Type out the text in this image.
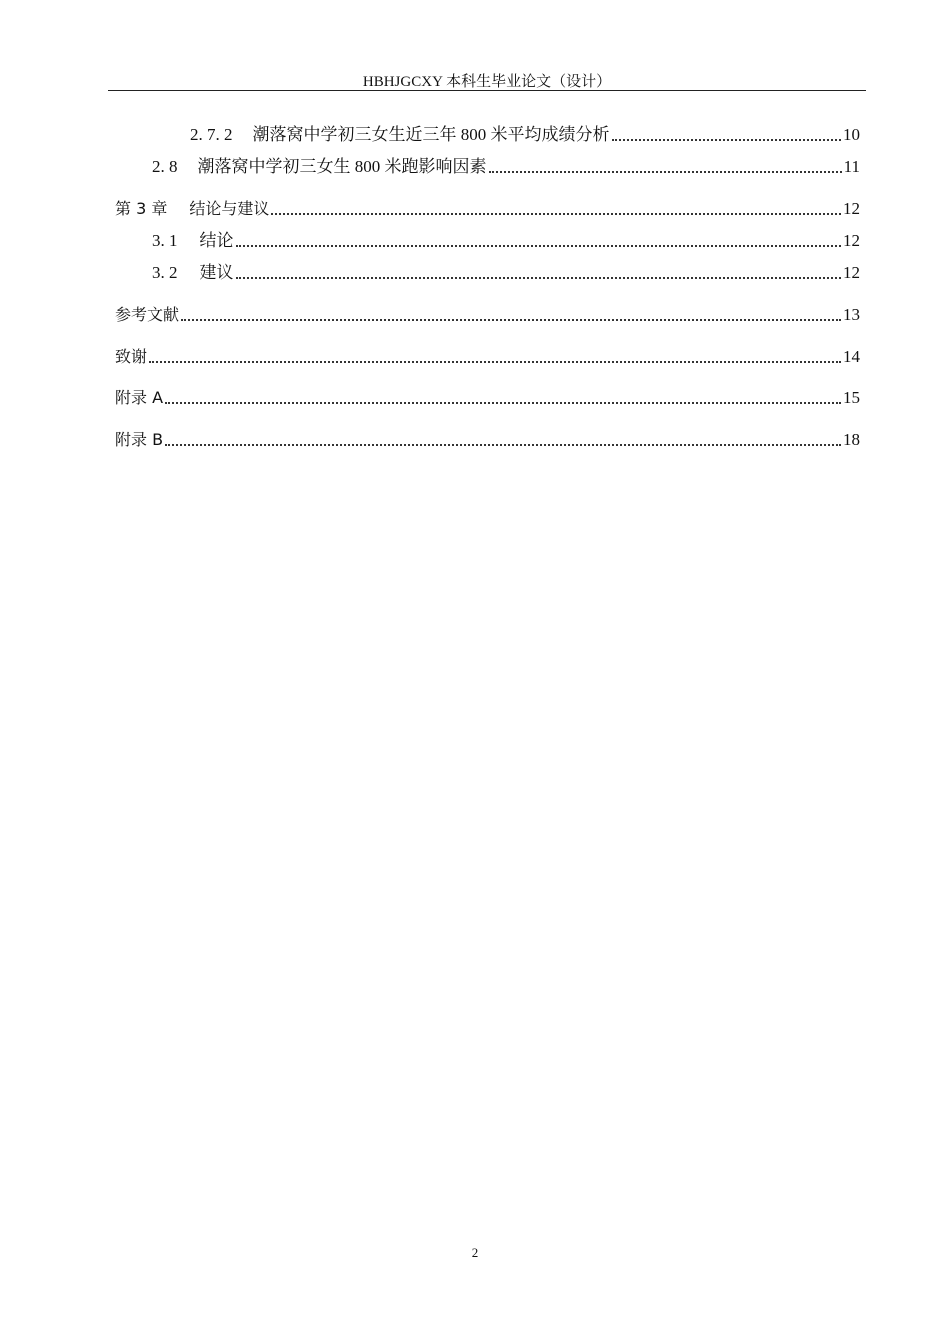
HBHJGCXY 本科生毕业论文（设计）
2. 7. 2 潮落窝中学初三女生近三年 800 米平均成绩分析	10
2. 8 潮落窝中学初三女生 800 米跑影响因素	11
第 3 章 结论与建议	12
3. 1 结论	12
3. 2 建议	12
参考文献	13
致谢	14
附录 A	15
附录 B	18
2
